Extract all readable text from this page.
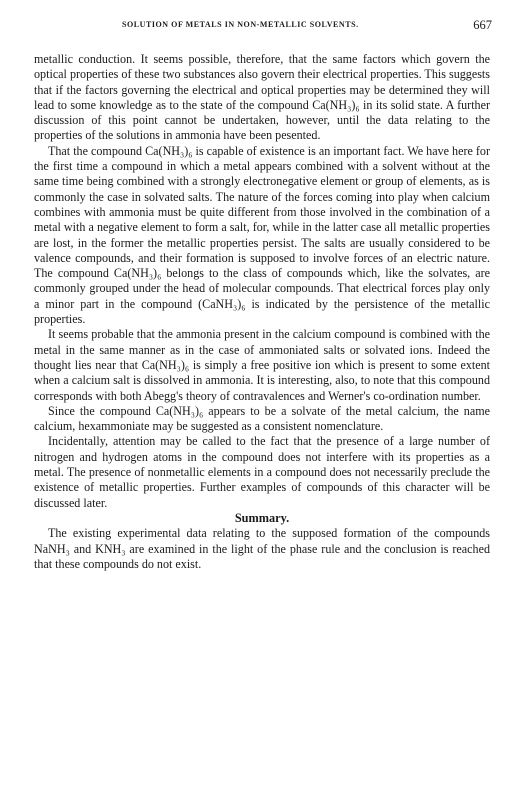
SOLUTION OF METALS IN NON-METALLIC SOLVENTS.	667

metallic conduction. It seems possible, therefore, that the same factors which govern the optical properties of these two substances also govern their electrical properties. This suggests that if the factors governing the electrical and optical properties may be determined they will lead to some knowledge as to the state of the compound Ca(NH₃)₆ in its solid state. A further discussion of this point cannot be undertaken, however, until the data relating to the properties of the solutions in ammonia have been pesented.

That the compound Ca(NH₃)₆ is capable of existence is an important fact. We have here for the first time a compound in which a metal appears combined with a solvent without at the same time being combined with a strongly electronegative element or group of elements, as is commonly the case in solvated salts. The nature of the forces coming into play when calcium combines with ammonia must be quite different from those involved in the combination of a metal with a negative element to form a salt, for, while in the latter case all metallic properties are lost, in the former the metallic properties persist. The salts are usually considered to be valence compounds, and their formation is supposed to involve forces of an electric nature. The compound Ca(NH₃)₆ belongs to the class of compounds which, like the solvates, are commonly grouped under the head of molecular compounds. That electrical forces play only a minor part in the compound (CaNH₃)₆ is indicated by the persistence of the metallic properties.

It seems probable that the ammonia present in the calcium compound is combined with the metal in the same manner as in the case of ammoniated salts or solvated ions. Indeed the thought lies near that Ca(NH₃)₆ is simply a free positive ion which is present to some extent when a calcium salt is dissolved in ammonia. It is interesting, also, to note that this compound corresponds with both Abegg's theory of contravalences and Werner's co-ordination number.

Since the compound Ca(NH₃)₆ appears to be a solvate of the metal calcium, the name calcium, hexammoniate may be suggested as a consistent nomenclature.

Incidentally, attention may be called to the fact that the presence of a large number of nitrogen and hydrogen atoms in the compound does not interfere with its properties as a metal. The presence of nonmetallic elements in a compound does not necessarily preclude the existence of metallic properties. Further examples of compounds of this character will be discussed later.

Summary.

The existing experimental data relating to the supposed formation of the compounds NaNH₃ and KNH₃ are examined in the light of the phase rule and the conclusion is reached that these compounds do not exist.
